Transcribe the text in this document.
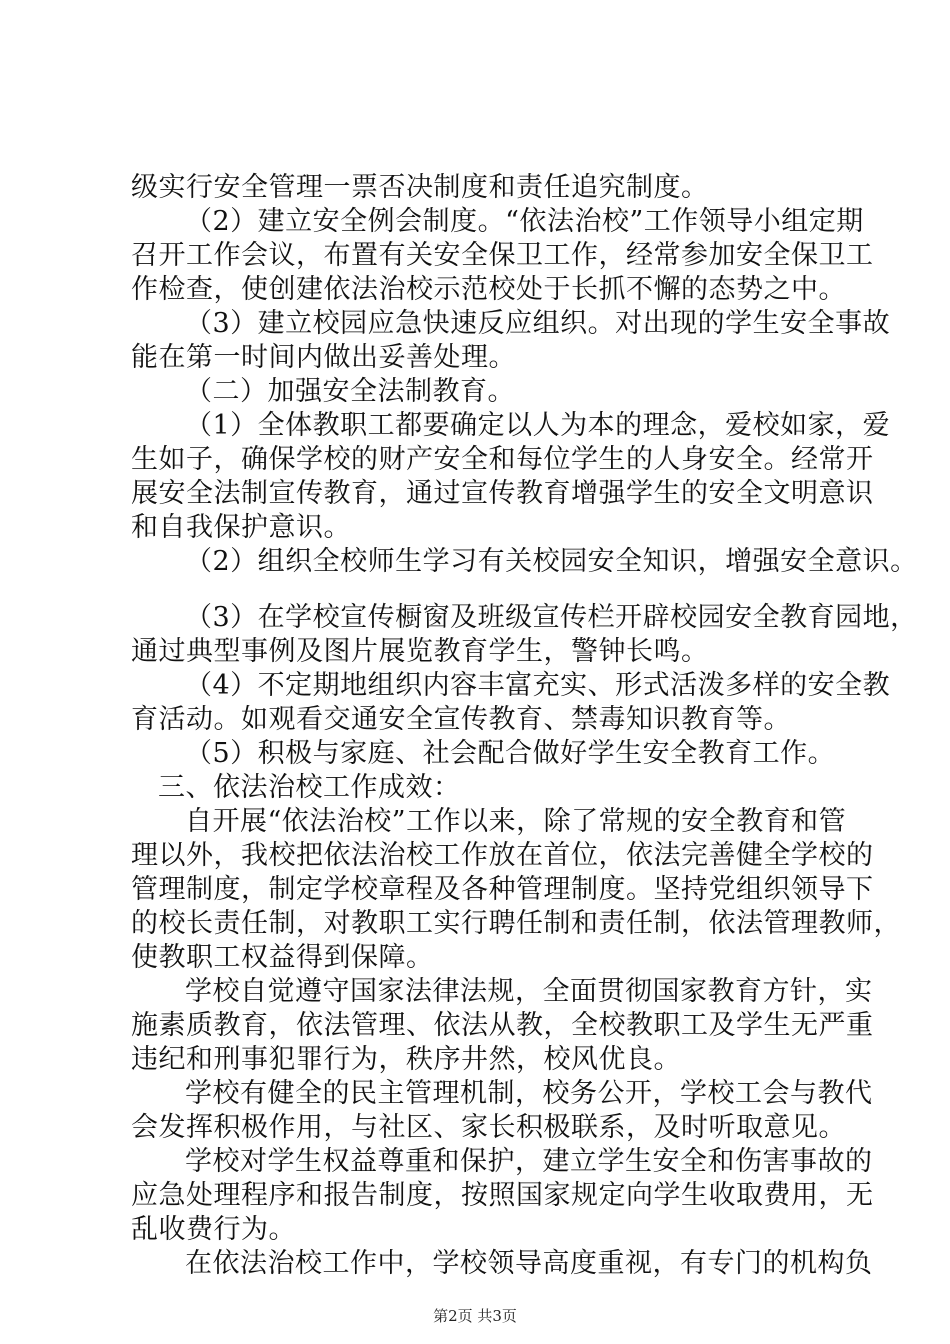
级实行安全管理一票否决制度和责任追究制度。
（2）建立安全例会制度。“依法治校”工作领导小组定期
召开工作会议，布置有关安全保卫工作，经常参加安全保卫工
作检查，使创建依法治校示范校处于长抓不懈的态势之中。
（3）建立校园应急快速反应组织。对出现的学生安全事故
能在第一时间内做出妥善处理。
（二）加强安全法制教育。
（1）全体教职工都要确定以人为本的理念，爱校如家，爱
生如子，确保学校的财产安全和每位学生的人身安全。经常开
展安全法制宣传教育，通过宣传教育增强学生的安全文明意识
和自我保护意识。
（2）组织全校师生学习有关校园安全知识，增强安全意识。
（3）在学校宣传橱窗及班级宣传栏开辟校园安全教育园地，
通过典型事例及图片展览教育学生，警钟长鸣。
（4）不定期地组织内容丰富充实、形式活泼多样的安全教
育活动。如观看交通安全宣传教育、禁毒知识教育等。
（5）积极与家庭、社会配合做好学生安全教育工作。
三、依法治校工作成效：
自开展“依法治校”工作以来，除了常规的安全教育和管
理以外，我校把依法治校工作放在首位，依法完善健全学校的
管理制度，制定学校章程及各种管理制度。坚持党组织领导下
的校长责任制，对教职工实行聘任制和责任制，依法管理教师，
使教职工权益得到保障。
学校自觉遵守国家法律法规，全面贯彻国家教育方针，实
施素质教育，依法管理、依法从教，全校教职工及学生无严重
违纪和刑事犯罪行为，秩序井然，校风优良。
学校有健全的民主管理机制，校务公开，学校工会与教代
会发挥积极作用，与社区、家长积极联系，及时听取意见。
学校对学生权益尊重和保护，建立学生安全和伤害事故的
应急处理程序和报告制度，按照国家规定向学生收取费用，无
乱收费行为。
在依法治校工作中，学校领导高度重视，有专门的机构负
第2页 共3页
